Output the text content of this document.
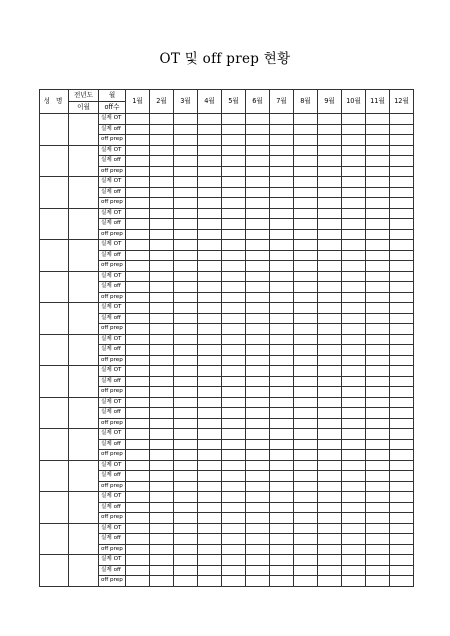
OT 및 off prep 현황
성 명	전년도	월	1월	2월	3월	4월	5월	6월	7월	8월	9월	10월	11월	12월
	이월	off수												
		실제 OT												
		실제 off												
		off prep												
		실제 OT												
		실제 off												
		off prep												
		실제 OT												
		실제 off												
		off prep												
		실제 OT												
		실제 off												
		off prep												
		실제 OT												
		실제 off												
		off prep												
		실제 OT												
		실제 off												
		off prep												
		실제 OT												
		실제 off												
		off prep												
		실제 OT												
		실제 off												
		off prep												
		실제 OT												
		실제 off												
		off prep												
		실제 OT												
		실제 off												
		off prep												
		실제 OT												
		실제 off												
		off prep												
		실제 OT												
		실제 off												
		off prep												
		실제 OT												
		실제 off												
		off prep												
		실제 OT												
		실제 off												
		off prep												
		실제 OT												
		실제 off												
		off prep												
